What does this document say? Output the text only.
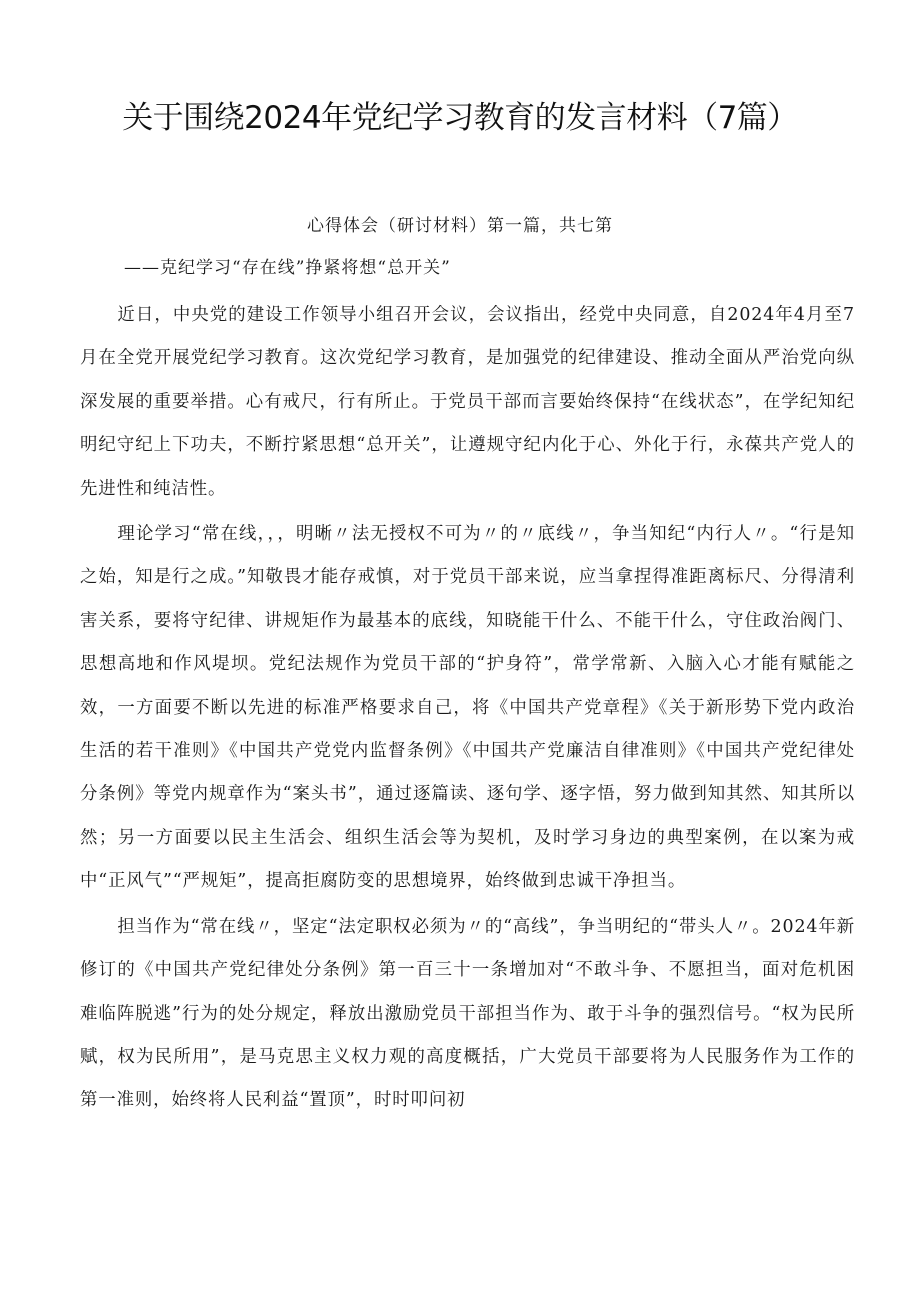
关于围绕2024年党纪学习教育的发言材料（7篇）
心得体会（研讨材料）第一篇，共七第
——克纪学习“存在线”挣紧将想“总开关”

近日，中央党的建设工作领导小组召开会议，会议指出，经党中央同意，自2024年4月至7月在全党开展党纪学习教育。这次党纪学习教育，是加强党的纪律建设、推动全面从严治党向纵深发展的重要举措。心有戒尺，行有所止。于党员干部而言要始终保持“在线状态”，在学纪知纪明纪守纪上下功夫，不断拧紧思想“总开关”，让遵规守纪内化于心、外化于行，永葆共产党人的先进性和纯洁性。

理论学习“常在线，，，明晰〃法无授权不可为〃的〃底线〃，争当知纪“内行人〃。“行是知之始，知是行之成。”知敬畏才能存戒慎，对于党员干部来说，应当拿捏得准距离标尺、分得清利害关系，要将守纪律、讲规矩作为最基本的底线，知晓能干什么、不能干什么，守住政治阀门、思想高地和作风堤坝。党纪法规作为党员干部的“护身符”，常学常新、入脑入心才能有赋能之效，一方面要不断以先进的标准严格要求自己，将《中国共产党章程》《关于新形势下党内政治生活的若干准则》《中国共产党党内监督条例》《中国共产党廉洁自律准则》《中国共产党纪律处分条例》等党内规章作为“案头书”，通过逐篇读、逐句学、逐字悟，努力做到知其然、知其所以然；另一方面要以民主生活会、组织生活会等为契机，及时学习身边的典型案例，在以案为戒中“正风气”“严规矩”，提高拒腐防变的思想境界，始终做到忠诚干净担当。

担当作为“常在线〃，坚定“法定职权必须为〃的“高线”，争当明纪的“带头人〃。2024年新修订的《中国共产党纪律处分条例》第一百三十一条增加对“不敢斗争、不愿担当，面对危机困难临阵脱逃”行为的处分规定，释放出激励党员干部担当作为、敢于斗争的强烈信号。“权为民所赋，权为民所用”，是马克思主义权力观的高度概括，广大党员干部要将为人民服务作为工作的第一准则，始终将人民利益“置顶”，时时叩问初
